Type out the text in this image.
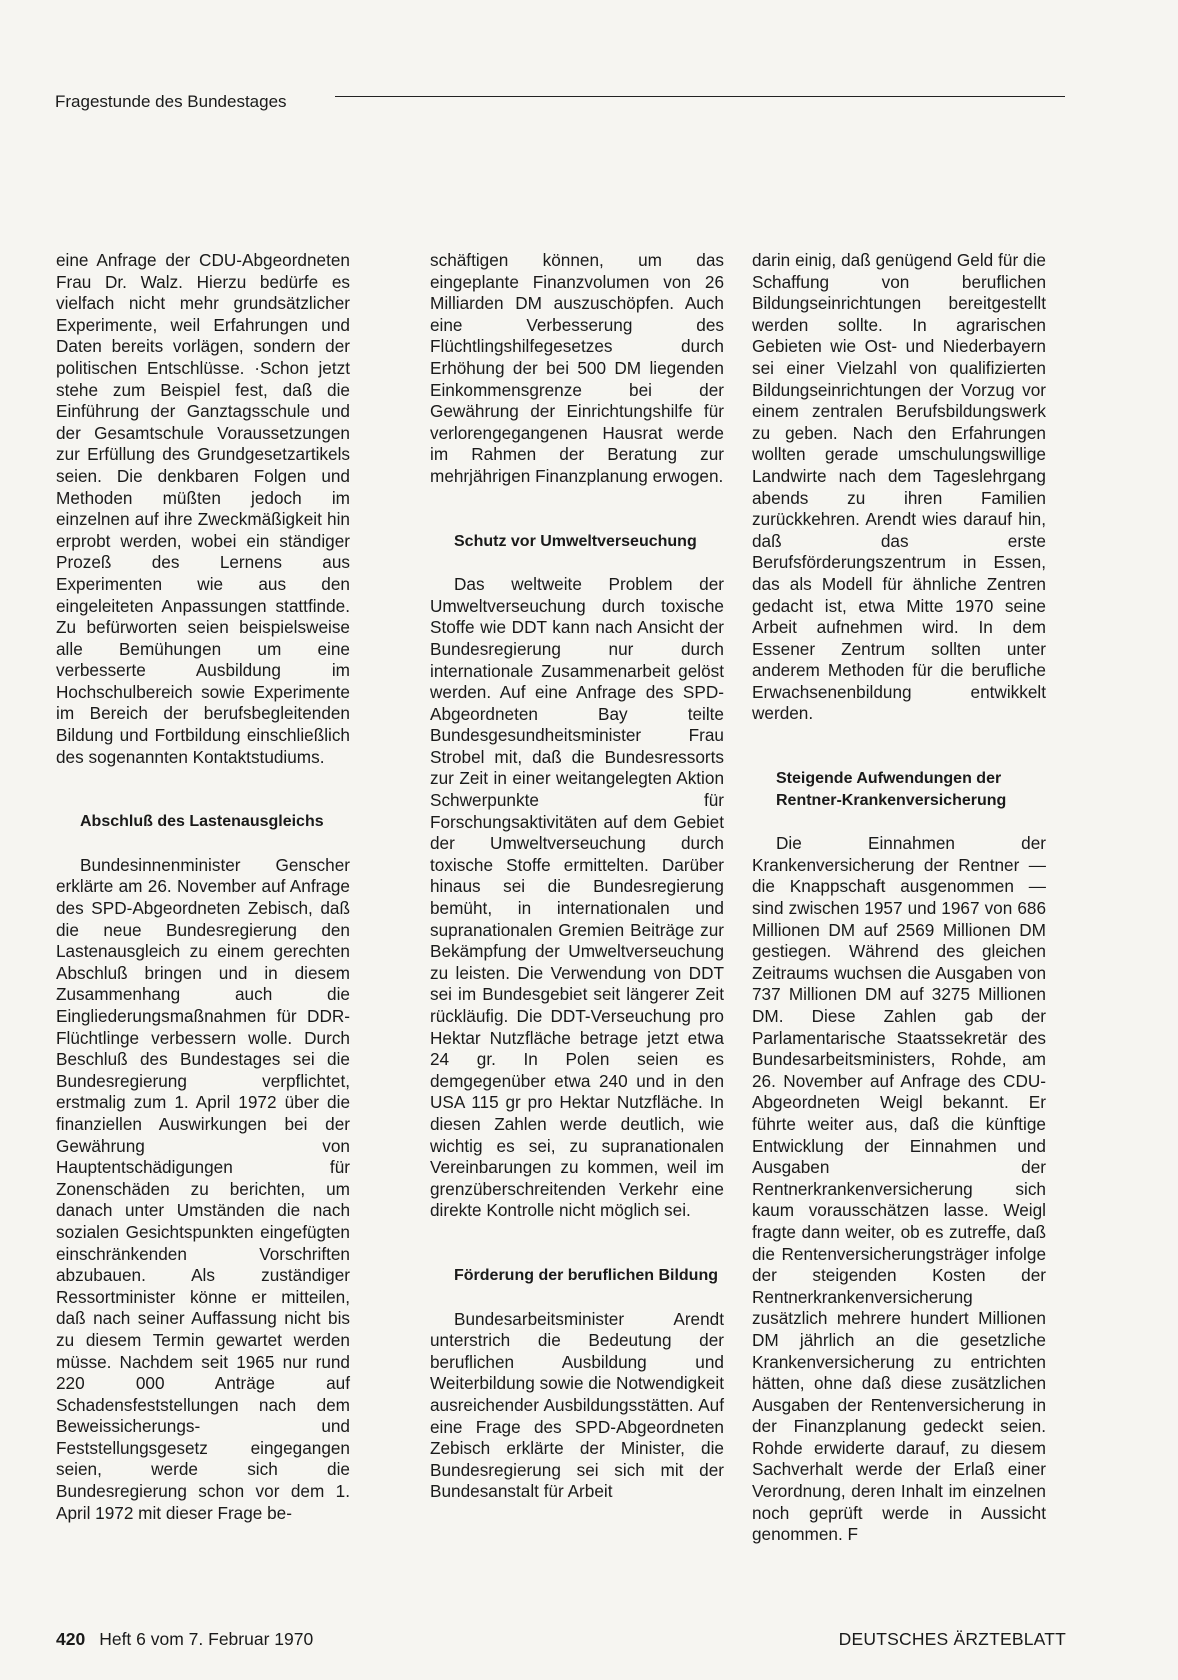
Fragestunde des Bundestages

eine Anfrage der CDU-Abgeordneten Frau Dr. Walz. Hierzu bedürfe es vielfach nicht mehr grundsätzlicher Experimente, weil Erfahrungen und Daten bereits vorlägen, sondern der politischen Entschlüsse. ·Schon jetzt stehe zum Beispiel fest, daß die Einführung der Ganztagsschule und der Gesamtschule Voraussetzungen zur Erfüllung des Grundgesetzartikels seien. Die denkbaren Folgen und Methoden müßten jedoch im einzelnen auf ihre Zweckmäßigkeit hin erprobt werden, wobei ein ständiger Prozeß des Lernens aus Experimenten wie aus den eingeleiteten Anpassungen stattfinde. Zu befürworten seien beispielsweise alle Bemühungen um eine verbesserte Ausbildung im Hochschulbereich sowie Experimente im Bereich der berufsbegleitenden Bildung und Fortbildung einschließlich des sogenannten Kontaktstudiums.

Abschluß des Lastenausgleichs

Bundesinnenminister Genscher erklärte am 26. November auf Anfrage des SPD-Abgeordneten Zebisch, daß die neue Bundesregierung den Lastenausgleich zu einem gerechten Abschluß bringen und in diesem Zusammenhang auch die Eingliederungsmaßnahmen für DDR-Flüchtlinge verbessern wolle. Durch Beschluß des Bundestages sei die Bundesregierung verpflichtet, erstmalig zum 1. April 1972 über die finanziellen Auswirkungen bei der Gewährung von Hauptentschädigungen für Zonenschäden zu berichten, um danach unter Umständen die nach sozialen Gesichtspunkten eingefügten einschränkenden Vorschriften abzubauen. Als zuständiger Ressortminister könne er mitteilen, daß nach seiner Auffassung nicht bis zu diesem Termin gewartet werden müsse. Nachdem seit 1965 nur rund 220 000 Anträge auf Schadensfeststellungen nach dem Beweissicherungs- und Feststellungsgesetz eingegangen seien, werde sich die Bundesregierung schon vor dem 1. April 1972 mit dieser Frage be-

schäftigen können, um das eingeplante Finanzvolumen von 26 Milliarden DM auszuschöpfen. Auch eine Verbesserung des Flüchtlingshilfegesetzes durch Erhöhung der bei 500 DM liegenden Einkommensgrenze bei der Gewährung der Einrichtungshilfe für verlorengegangenen Hausrat werde im Rahmen der Beratung zur mehrjährigen Finanzplanung erwogen.

Schutz vor Umweltverseuchung

Das weltweite Problem der Umweltverseuchung durch toxische Stoffe wie DDT kann nach Ansicht der Bundesregierung nur durch internationale Zusammenarbeit gelöst werden. Auf eine Anfrage des SPD-Abgeordneten Bay teilte Bundesgesundheitsminister Frau Strobel mit, daß die Bundesressorts zur Zeit in einer weitangelegten Aktion Schwerpunkte für Forschungsaktivitäten auf dem Gebiet der Umweltverseuchung durch toxische Stoffe ermittelten. Darüber hinaus sei die Bundesregierung bemüht, in internationalen und supranationalen Gremien Beiträge zur Bekämpfung der Umweltverseuchung zu leisten. Die Verwendung von DDT sei im Bundesgebiet seit längerer Zeit rückläufig. Die DDT-Verseuchung pro Hektar Nutzfläche betrage jetzt etwa 24 gr. In Polen seien es demgegenüber etwa 240 und in den USA 115 gr pro Hektar Nutzfläche. In diesen Zahlen werde deutlich, wie wichtig es sei, zu supranationalen Vereinbarungen zu kommen, weil im grenzüberschreitenden Verkehr eine direkte Kontrolle nicht möglich sei.

Förderung der beruflichen Bildung

Bundesarbeitsminister Arendt unterstrich die Bedeutung der beruflichen Ausbildung und Weiterbildung sowie die Notwendigkeit ausreichender Ausbildungsstätten. Auf eine Frage des SPD-Abgeordneten Zebisch erklärte der Minister, die Bundesregierung sei sich mit der Bundesanstalt für Arbeit

darin einig, daß genügend Geld für die Schaffung von beruflichen Bildungseinrichtungen bereitgestellt werden sollte. In agrarischen Gebieten wie Ost- und Niederbayern sei einer Vielzahl von qualifizierten Bildungseinrichtungen der Vorzug vor einem zentralen Berufsbildungswerk zu geben. Nach den Erfahrungen wollten gerade umschulungswillige Landwirte nach dem Tageslehrgang abends zu ihren Familien zurückkehren. Arendt wies darauf hin, daß das erste Berufsförderungszentrum in Essen, das als Modell für ähnliche Zentren gedacht ist, etwa Mitte 1970 seine Arbeit aufnehmen wird. In dem Essener Zentrum sollten unter anderem Methoden für die berufliche Erwachsenenbildung entwikkelt werden.

Steigende Aufwendungen der Rentner-Krankenversicherung

Die Einnahmen der Krankenversicherung der Rentner — die Knappschaft ausgenommen — sind zwischen 1957 und 1967 von 686 Millionen DM auf 2569 Millionen DM gestiegen. Während des gleichen Zeitraums wuchsen die Ausgaben von 737 Millionen DM auf 3275 Millionen DM. Diese Zahlen gab der Parlamentarische Staatssekretär des Bundesarbeitsministers, Rohde, am 26. November auf Anfrage des CDU-Abgeordneten Weigl bekannt. Er führte weiter aus, daß die künftige Entwicklung der Einnahmen und Ausgaben der Rentnerkrankenversicherung sich kaum vorausschätzen lasse. Weigl fragte dann weiter, ob es zutreffe, daß die Rentenversicherungsträger infolge der steigenden Kosten der Rentnerkrankenversicherung zusätzlich mehrere hundert Millionen DM jährlich an die gesetzliche Krankenversicherung zu entrichten hätten, ohne daß diese zusätzlichen Ausgaben der Rentenversicherung in der Finanzplanung gedeckt seien. Rohde erwiderte darauf, zu diesem Sachverhalt werde der Erlaß einer Verordnung, deren Inhalt im einzelnen noch geprüft werde in Aussicht genommen. F

420 Heft 6 vom 7. Februar 1970	DEUTSCHES ÄRZTEBLATT
